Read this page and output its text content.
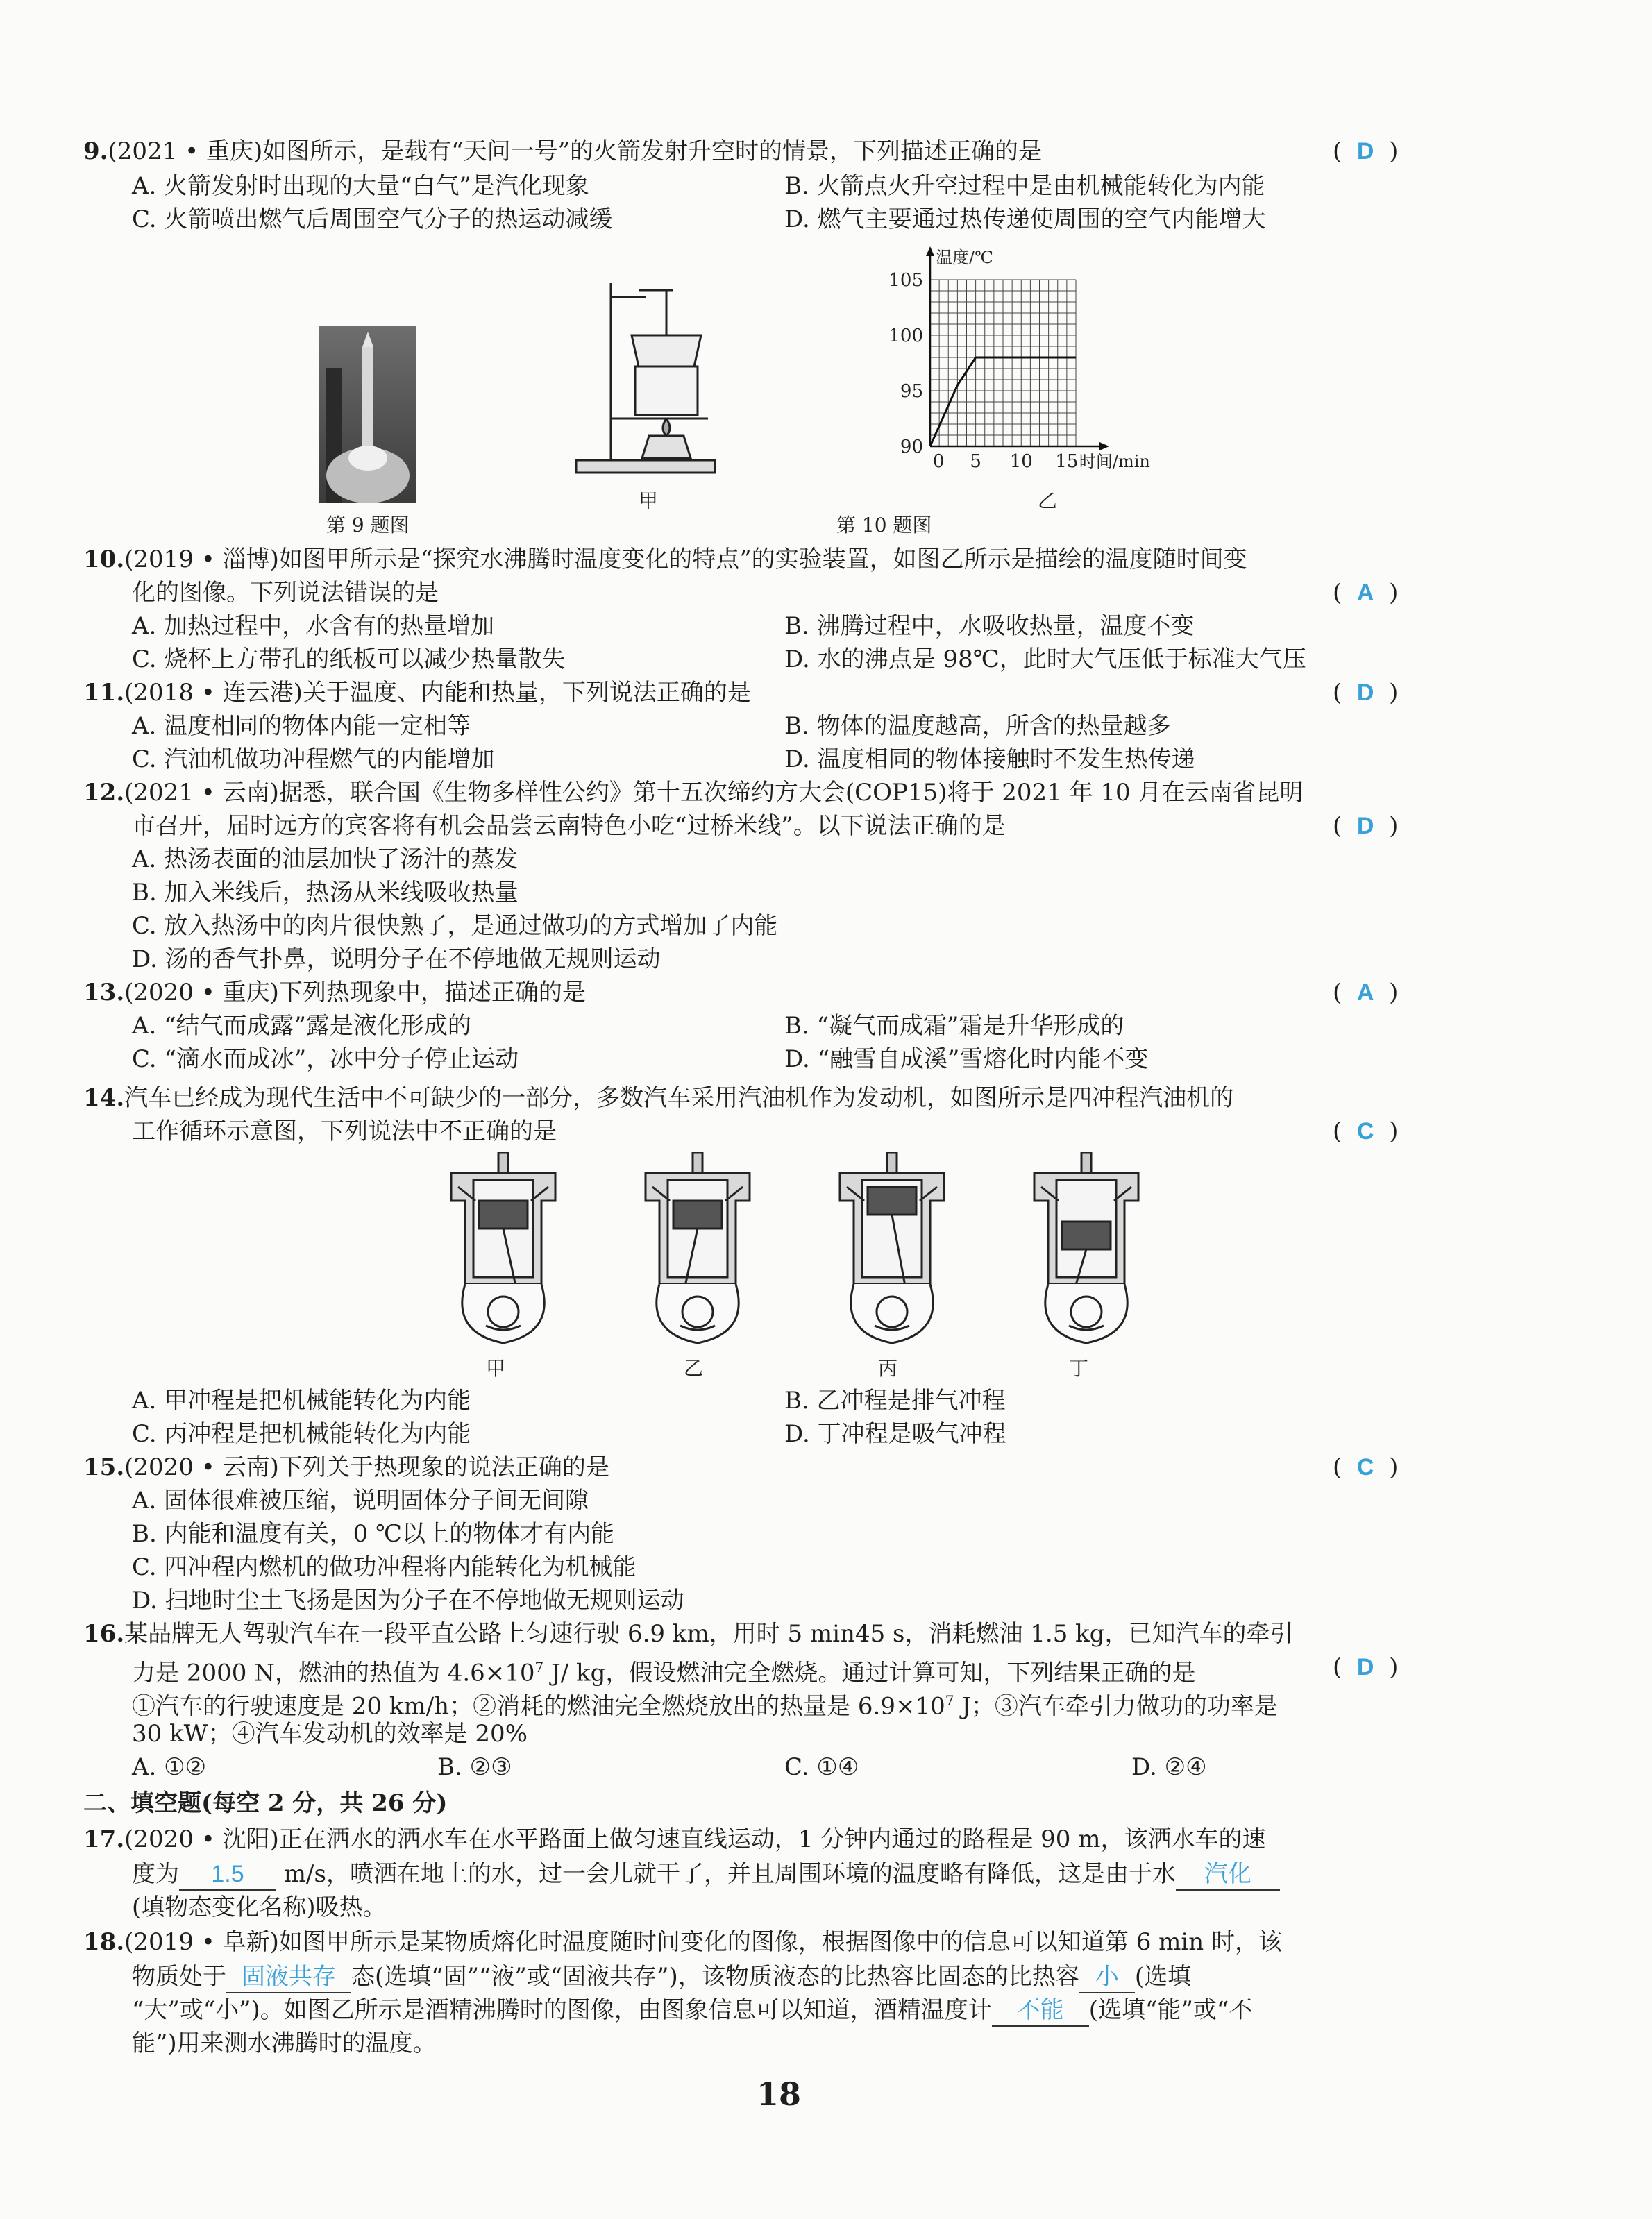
9.(2021 • 重庆)如图所示，是载有“天问一号”的火箭发射升空时的情景，下列描述正确的是	(  D  )
A. 火箭发射时出现的大量“白气”是汽化现象	B. 火箭点火升空过程中是由机械能转化为内能
C. 火箭喷出燃气后周围空气分子的热运动减缓	D. 燃气主要通过热传递使周围的空气内能增大
第 9 题图
甲
温度/℃
90
95
100
105
0 5 10 15 时间/min
乙
第 10 题图
10.(2019 • 淄博)如图甲所示是“探究水沸腾时温度变化的特点”的实验装置，如图乙所示是描绘的温度随时间变
化的图像。下列说法错误的是	(  A  )
A. 加热过程中，水含有的热量增加	B. 沸腾过程中，水吸收热量，温度不变
C. 烧杯上方带孔的纸板可以减少热量散失	D. 水的沸点是 98℃，此时大气压低于标准大气压
11.(2018 • 连云港)关于温度、内能和热量，下列说法正确的是	(  D  )
A. 温度相同的物体内能一定相等	B. 物体的温度越高，所含的热量越多
C. 汽油机做功冲程燃气的内能增加	D. 温度相同的物体接触时不发生热传递
12.(2021 • 云南)据悉，联合国《生物多样性公约》第十五次缔约方大会(COP15)将于 2021 年 10 月在云南省昆明
市召开，届时远方的宾客将有机会品尝云南特色小吃“过桥米线”。以下说法正确的是	(  D  )
A. 热汤表面的油层加快了汤汁的蒸发
B. 加入米线后，热汤从米线吸收热量
C. 放入热汤中的肉片很快熟了，是通过做功的方式增加了内能
D. 汤的香气扑鼻，说明分子在不停地做无规则运动
13.(2020 • 重庆)下列热现象中，描述正确的是	(  A  )
A. “结气而成露”露是液化形成的	B. “凝气而成霜”霜是升华形成的
C. “滴水而成冰”，冰中分子停止运动	D. “融雪自成溪”雪熔化时内能不变
14.汽车已经成为现代生活中不可缺少的一部分，多数汽车采用汽油机作为发动机，如图所示是四冲程汽油机的
工作循环示意图，下列说法中不正确的是	(  C  )
甲	乙	丙	丁
A. 甲冲程是把机械能转化为内能	B. 乙冲程是排气冲程
C. 丙冲程是把机械能转化为内能	D. 丁冲程是吸气冲程
15.(2020 • 云南)下列关于热现象的说法正确的是	(  C  )
A. 固体很难被压缩，说明固体分子间无间隙
B. 内能和温度有关，0 ℃以上的物体才有内能
C. 四冲程内燃机的做功冲程将内能转化为机械能
D. 扫地时尘土飞扬是因为分子在不停地做无规则运动
16.某品牌无人驾驶汽车在一段平直公路上匀速行驶 6.9 km，用时 5 min45 s，消耗燃油 1.5 kg，已知汽车的牵引
力是 2000 N，燃油的热值为 $4.6\times 10^7$ J/ kg，假设燃油完全燃烧。通过计算可知，下列结果正确的是	(  D  )
①汽车的行驶速度是 20 km/h；②消耗的燃油完全燃烧放出的热量是 $6.9\times 10^7$ J；③汽车牵引力做功的功率是
30 kW；④汽车发动机的效率是 20%
A. ①②	B. ②③	C. ①④	D. ②④
二、填空题(每空 2 分，共 26 分)
17.(2020 • 沈阳)正在洒水的洒水车在水平路面上做匀速直线运动，1 分钟内通过的路程是 90 m，该洒水车的速
度为 1.5 m/s，喷洒在地上的水，过一会儿就干了，并且周围环境的温度略有降低，这是由于水 汽化
(填物态变化名称)吸热。
18.(2019 • 阜新)如图甲所示是某物质熔化时温度随时间变化的图像，根据图像中的信息可以知道第 6 min 时，该
物质处于 固液共存 态(选填“固”“液”或“固液共存”)，该物质液态的比热容比固态的比热容 小 (选填
“大”或“小”)。如图乙所示是酒精沸腾时的图像，由图象信息可以知道，酒精温度计 不能 (选填“能”或“不
能”)用来测水沸腾时的温度。
18
